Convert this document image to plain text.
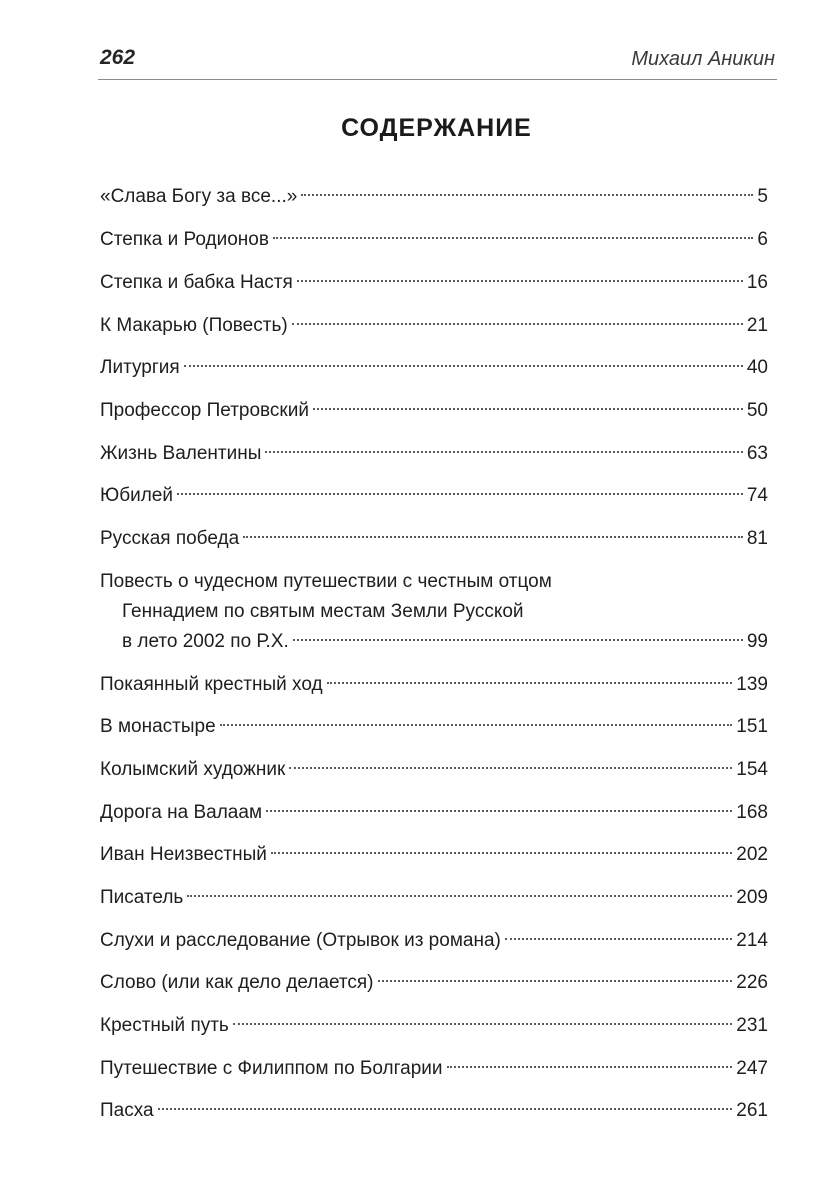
262	Михаил Аникин
СОДЕРЖАНИЕ
«Слава Богу за все...»	5
Степка и Родионов	6
Степка и бабка Настя	16
К Макарью (Повесть)	21
Литургия	40
Профессор Петровский	50
Жизнь Валентины	63
Юбилей	74
Русская победа	81
Повесть о чудесном путешествии с честным отцом
Геннадием по святым местам Земли Русской
в лето 2002 по Р.Х.	99
Покаянный крестный ход	139
В монастыре	151
Колымский художник	154
Дорога на Валаам	168
Иван Неизвестный	202
Писатель	209
Слухи и расследование (Отрывок из романа)	214
Слово (или как дело делается)	226
Крестный путь	231
Путешествие с Филиппом по Болгарии	247
Пасха	261
